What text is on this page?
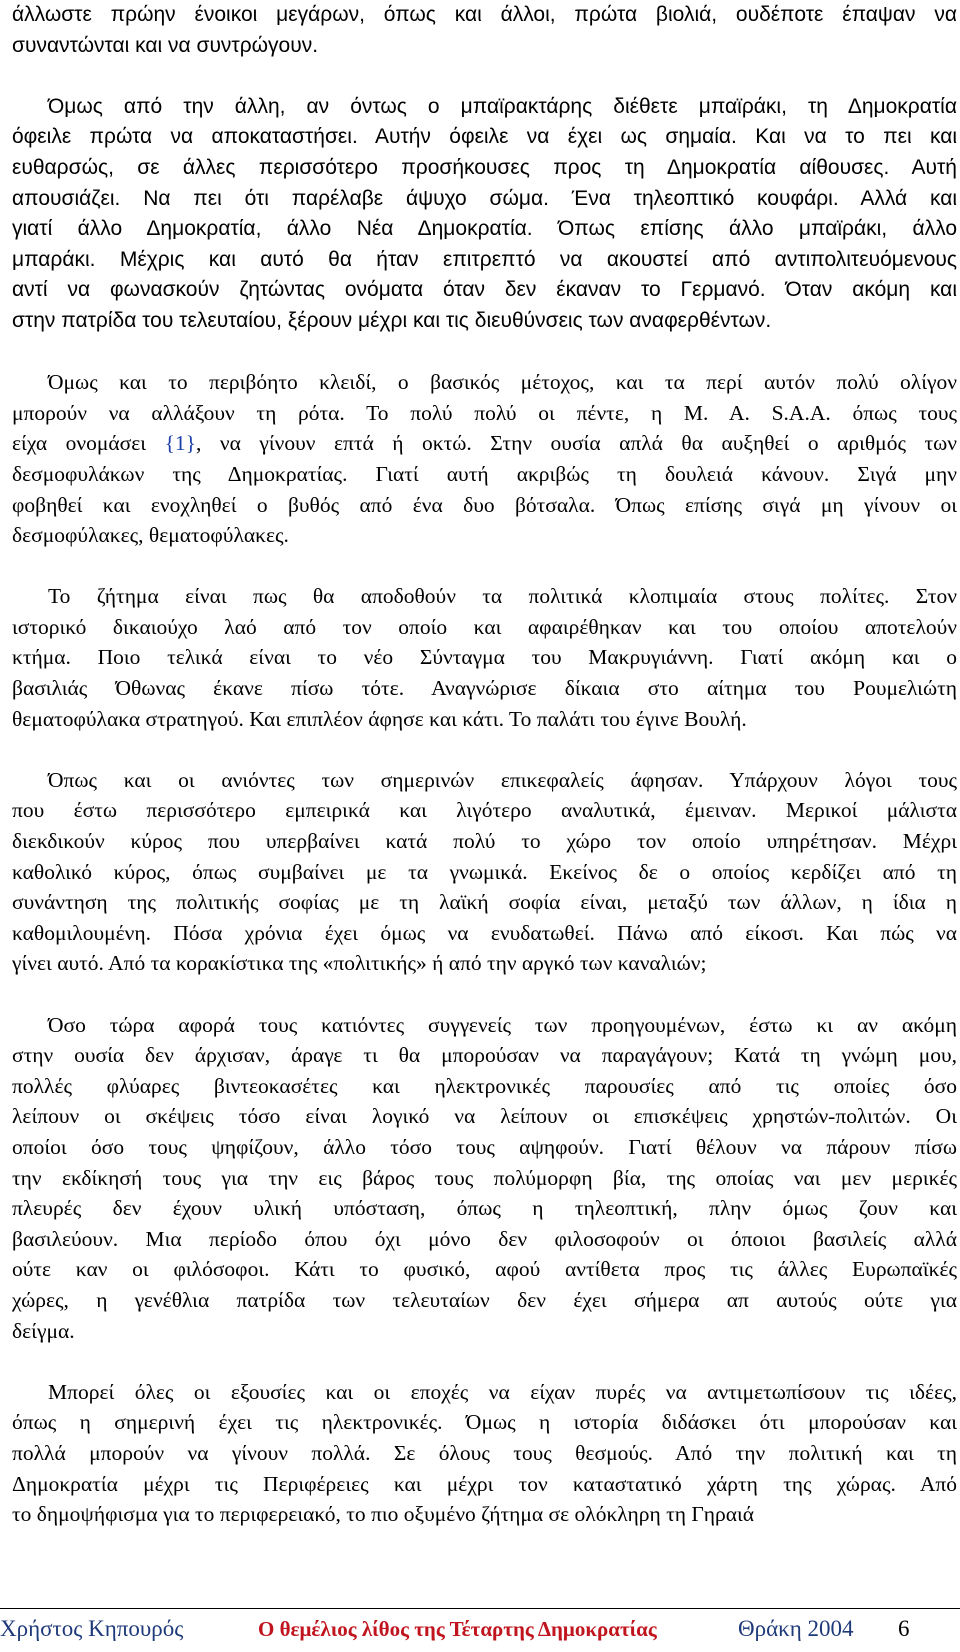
άλλωστε πρώην ένοικοι μεγάρων, όπως και άλλοι, πρώτα βιολιά, ουδέποτε έπαψαν να
συναντώνται και να συντρώγουν.
Όμως από την άλλη, αν όντως ο μπαϊρακτάρης διέθετε μπαϊράκι, τη Δημοκρατία
όφειλε πρώτα να αποκαταστήσει. Αυτήν όφειλε να έχει ως σημαία. Και να το πει και
ευθαρσώς, σε άλλες περισσότερο προσήκουσες προς τη Δημοκρατία αίθουσες. Αυτή
απουσιάζει. Να πει ότι παρέλαβε άψυχο σώμα. Ένα τηλεοπτικό κουφάρι. Αλλά και
γιατί άλλο Δημοκρατία, άλλο Νέα Δημοκρατία. Όπως επίσης άλλο μπαϊράκι, άλλο
μπαράκι. Μέχρις και αυτό θα ήταν επιτρεπτό να ακουστεί από αντιπολιτευόμενους
αντί να φωνασκούν ζητώντας ονόματα όταν δεν έκαναν το Γερμανό. Όταν ακόμη και
στην πατρίδα του τελευταίου, ξέρουν μέχρι και τις διευθύνσεις των αναφερθέντων.
Όμως και το περιβόητο κλειδί, ο βασικός μέτοχος, και τα περί αυτόν πολύ ολίγον
μπορούν να αλλάξουν τη ρότα. Το πολύ πολύ οι πέντε, η Μ. Α. S.A.A. όπως τους
είχα ονομάσει {1}, να γίνουν επτά ή οκτώ. Στην ουσία απλά θα αυξηθεί ο αριθμός των
δεσμοφυλάκων της Δημοκρατίας. Γιατί αυτή ακριβώς τη δουλειά κάνουν. Σιγά μην
φοβηθεί και ενοχληθεί ο βυθός από ένα δυο βότσαλα. Όπως επίσης σιγά μη γίνουν οι
δεσμοφύλακες, θεματοφύλακες.
Το ζήτημα είναι πως θα αποδοθούν τα πολιτικά κλοπιμαία στους πολίτες. Στον
ιστορικό δικαιούχο λαό από τον οποίο και αφαιρέθηκαν και του οποίου αποτελούν
κτήμα. Ποιο τελικά είναι το νέο Σύνταγμα του Μακρυγιάννη. Γιατί ακόμη και ο
βασιλιάς Όθωνας έκανε πίσω τότε. Αναγνώρισε δίκαια στο αίτημα του Ρουμελιώτη
θεματοφύλακα στρατηγού. Και επιπλέον άφησε και κάτι. Το παλάτι του έγινε Βουλή.
Όπως και οι ανιόντες των σημερινών επικεφαλείς άφησαν. Υπάρχουν λόγοι τους
που έστω περισσότερο εμπειρικά και λιγότερο αναλυτικά, έμειναν. Μερικοί μάλιστα
διεκδικούν κύρος που υπερβαίνει κατά πολύ το χώρο τον οποίο υπηρέτησαν. Μέχρι
καθολικό κύρος, όπως συμβαίνει με τα γνωμικά. Εκείνος δε ο οποίος κερδίζει από τη
συνάντηση της πολιτικής σοφίας με τη λαϊκή σοφία είναι, μεταξύ των άλλων, η ίδια η
καθομιλουμένη. Πόσα χρόνια έχει όμως να ενυδατωθεί. Πάνω από είκοσι. Και πώς να
γίνει αυτό. Από τα κορακίστικα της «πολιτικής» ή από την αργκό των καναλιών;
Όσο τώρα αφορά τους κατιόντες συγγενείς των προηγουμένων, έστω κι αν ακόμη
στην ουσία δεν άρχισαν, άραγε τι θα μπορούσαν να παραγάγουν; Κατά τη γνώμη μου,
πολλές φλύαρες βιντεοκασέτες και ηλεκτρονικές παρουσίες από τις οποίες όσο
λείπουν οι σκέψεις τόσο είναι λογικό να λείπουν οι επισκέψεις χρηστών-πολιτών. Οι
οποίοι όσο τους ψηφίζουν, άλλο τόσο τους αψηφούν. Γιατί θέλουν να πάρουν πίσω
την εκδίκησή τους για την εις βάρος τους πολύμορφη βία, της οποίας ναι μεν μερικές
πλευρές δεν έχουν υλική υπόσταση, όπως η τηλεοπτική, πλην όμως ζουν και
βασιλεύουν. Μια περίοδο όπου όχι μόνο δεν φιλοσοφούν οι όποιοι βασιλείς αλλά
ούτε καν οι φιλόσοφοι. Κάτι το φυσικό, αφού αντίθετα προς τις άλλες Ευρωπαϊκές
χώρες, η γενέθλια πατρίδα των τελευταίων δεν έχει σήμερα απ αυτούς ούτε για
δείγμα.
Μπορεί όλες οι εξουσίες και οι εποχές να είχαν πυρές να αντιμετωπίσουν τις ιδέες,
όπως η σημερινή έχει τις ηλεκτρονικές. Όμως η ιστορία διδάσκει ότι μπορούσαν και
πολλά μπορούν να γίνουν πολλά. Σε όλους τους θεσμούς. Από την πολιτική και τη
Δημοκρατία μέχρι τις Περιφέρειες και μέχρι τον καταστατικό χάρτη της χώρας. Από
το δημοψήφισμα για το περιφερειακό, το πιο οξυμένο ζήτημα σε ολόκληρη τη Γηραιά
Χρήστος Κηπουρός	Ο θεμέλιος λίθος της Τέταρτης Δημοκρατίας	Θράκη 2004 6
